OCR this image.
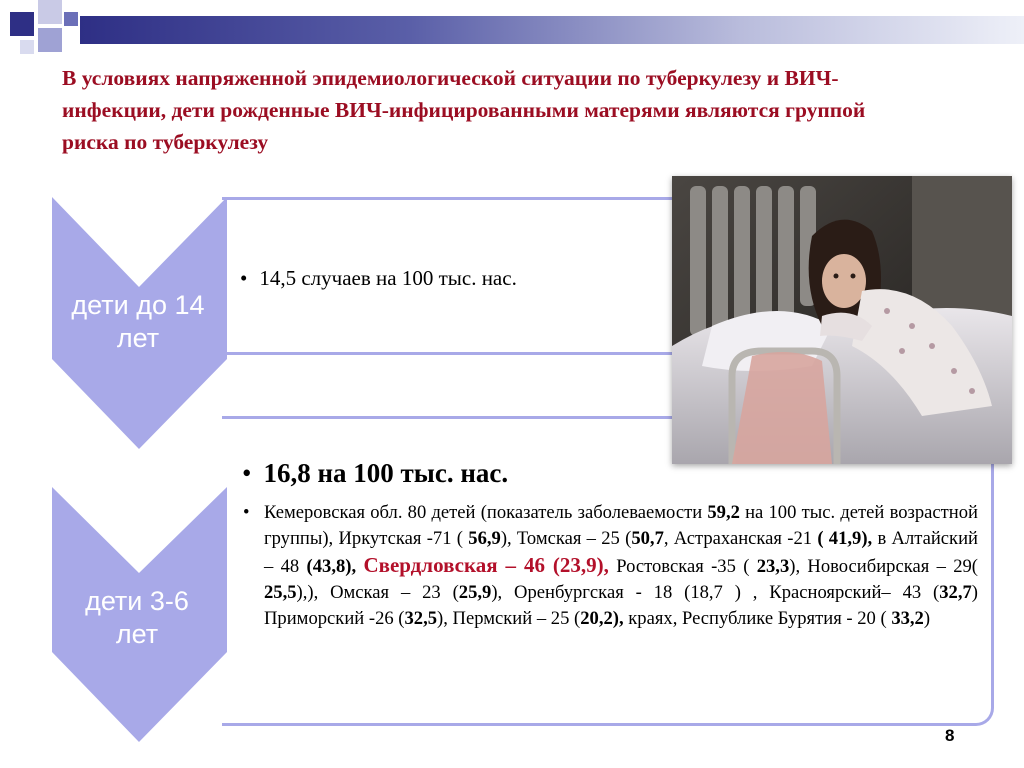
В условиях напряженной эпидемиологической ситуации по туберкулезу и ВИЧ-инфекции, дети рожденные ВИЧ-инфицированными матерями являются группой риска по туберкулезу
дети до 14 лет
дети 3-6 лет
• 14,5 случаев на 100 тыс. нас.
• 16,8 на 100 тыс. нас.
• Кемеровская обл. 80 детей (показатель заболеваемости 59,2 на 100 тыс. детей возрастной группы), Иркутская -71 ( 56,9), Томская – 25 (50,7, Астраханская -21 ( 41,9), в Алтайский – 48 (43,8), Свердловская – 46 (23,9), Ростовская -35 ( 23,3), Новосибирская – 29( 25,5),), Омская – 23 (25,9), Оренбургская - 18 (18,7 ) , Красноярский– 43 (32,7) Приморский -26 (32,5), Пермский – 25 (20,2), краях, Республике Бурятия - 20 ( 33,2)
8
